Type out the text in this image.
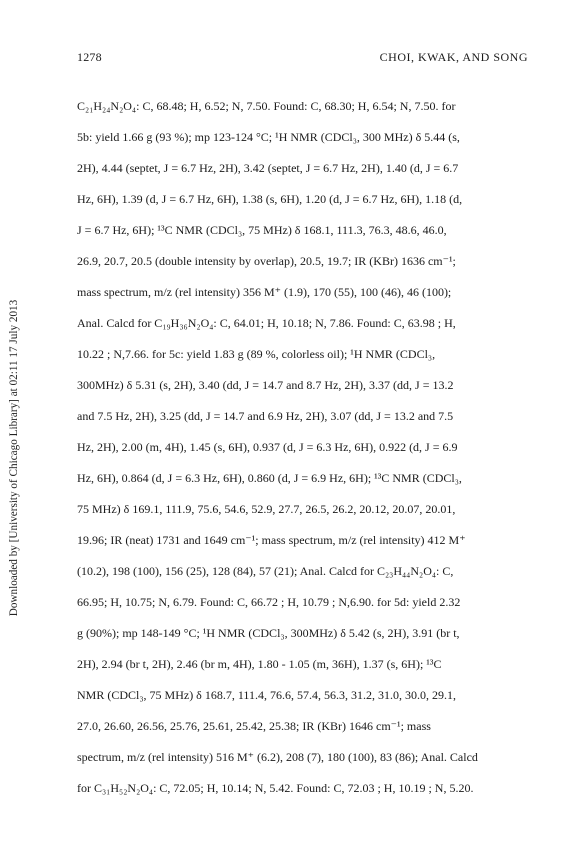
1278	CHOI, KWAK, AND SONG
Downloaded by [University of Chicago Library] at 02:11 17 July 2013
C₂₁H₂₄N₂O₄: C, 68.48; H, 6.52; N, 7.50. Found: C, 68.30; H, 6.54; N, 7.50. for
5b: yield 1.66 g (93 %); mp 123-124 °C; ¹H NMR (CDCl₃, 300 MHz) δ 5.44 (s,
2H), 4.44 (septet, J = 6.7 Hz, 2H), 3.42 (septet, J = 6.7 Hz, 2H), 1.40 (d, J = 6.7
Hz, 6H), 1.39 (d, J = 6.7 Hz, 6H), 1.38 (s, 6H), 1.20 (d, J = 6.7 Hz, 6H), 1.18 (d,
J = 6.7 Hz, 6H); ¹³C NMR (CDCl₃, 75 MHz) δ 168.1, 111.3, 76.3, 48.6, 46.0,
26.9, 20.7, 20.5 (double intensity by overlap), 20.5, 19.7; IR (KBr) 1636 cm⁻¹;
mass spectrum, m/z (rel intensity) 356 M⁺ (1.9), 170 (55), 100 (46), 46 (100);
Anal. Calcd for C₁₉H₃₆N₂O₄: C, 64.01; H, 10.18; N, 7.86. Found: C, 63.98 ; H,
10.22 ; N,7.66. for 5c: yield 1.83 g (89 %, colorless oil); ¹H NMR (CDCl₃,
300MHz) δ 5.31 (s, 2H), 3.40 (dd, J = 14.7 and 8.7 Hz, 2H), 3.37 (dd, J = 13.2
and 7.5 Hz, 2H), 3.25 (dd, J = 14.7 and 6.9 Hz, 2H), 3.07 (dd, J = 13.2 and 7.5
Hz, 2H), 2.00 (m, 4H), 1.45 (s, 6H), 0.937 (d, J = 6.3 Hz, 6H), 0.922 (d, J = 6.9
Hz, 6H), 0.864 (d, J = 6.3 Hz, 6H), 0.860 (d, J = 6.9 Hz, 6H); ¹³C NMR (CDCl₃,
75 MHz) δ 169.1, 111.9, 75.6, 54.6, 52.9, 27.7, 26.5, 26.2, 20.12, 20.07, 20.01,
19.96; IR (neat) 1731 and 1649 cm⁻¹; mass spectrum, m/z (rel intensity) 412 M⁺
(10.2), 198 (100), 156 (25), 128 (84), 57 (21); Anal. Calcd for C₂₃H₄₄N₂O₄: C,
66.95; H, 10.75; N, 6.79. Found: C, 66.72 ; H, 10.79 ; N,6.90. for 5d: yield 2.32
g (90%); mp 148-149 °C; ¹H NMR (CDCl₃, 300MHz) δ 5.42 (s, 2H), 3.91 (br t,
2H), 2.94 (br t, 2H), 2.46 (br m, 4H), 1.80 - 1.05 (m, 36H), 1.37 (s, 6H); ¹³C
NMR (CDCl₃, 75 MHz) δ 168.7, 111.4, 76.6, 57.4, 56.3, 31.2, 31.0, 30.0, 29.1,
27.0, 26.60, 26.56, 25.76, 25.61, 25.42, 25.38; IR (KBr) 1646 cm⁻¹; mass
spectrum, m/z (rel intensity) 516 M⁺ (6.2), 208 (7), 180 (100), 83 (86); Anal. Calcd
for C₃₁H₅₂N₂O₄: C, 72.05; H, 10.14; N, 5.42. Found: C, 72.03 ; H, 10.19 ; N, 5.20.
